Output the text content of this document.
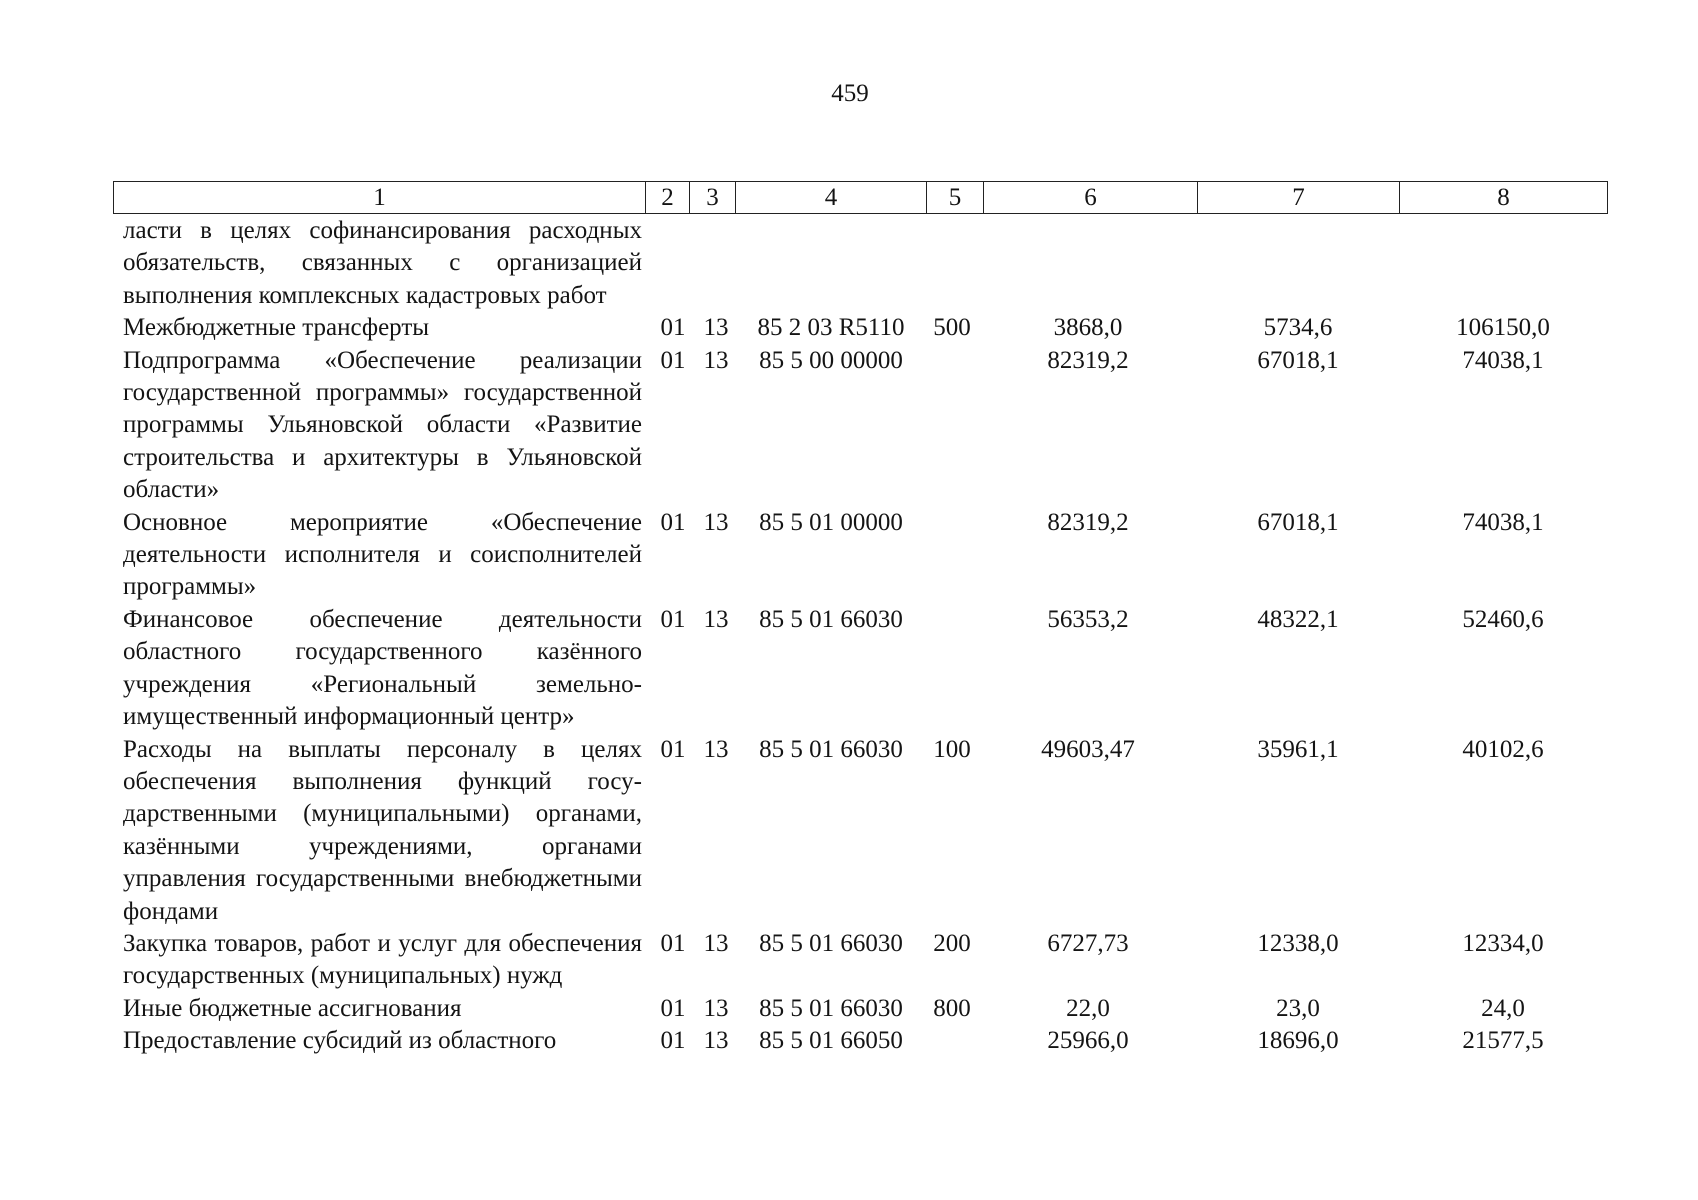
459
1	2	3	4	5	6	7	8
ласти в целях софинансирования расходных обязательств, связанных с организацией выполнения комплексных кадастровых работ							
Межбюджетные трансферты	01	13	85 2 03 R5110	500	3868,0	5734,6	106150,0
Подпрограмма «Обеспечение реализации государственной программы» государственной программы Ульяновской области «Развитие строительства и архитектуры в Ульяновской области»	01	13	85 5 00 00000		82319,2	67018,1	74038,1
Основное мероприятие «Обеспечение деятельности исполнителя и соисполнителей программы»	01	13	85 5 01 00000		82319,2	67018,1	74038,1
Финансовое обеспечение деятельности областного государственного казённого учреждения «Региональный земельно-имущественный информационный центр»	01	13	85 5 01 66030		56353,2	48322,1	52460,6
Расходы на выплаты персоналу в целях обеспечения выполнения функций государственными (муниципальными) органами, казёнными учреждениями, органами управления государственными внебюджетными фондами	01	13	85 5 01 66030	100	49603,47	35961,1	40102,6
Закупка товаров, работ и услуг для обеспечения государственных (муниципальных) нужд	01	13	85 5 01 66030	200	6727,73	12338,0	12334,0
Иные бюджетные ассигнования	01	13	85 5 01 66030	800	22,0	23,0	24,0
Предоставление субсидий из областного	01	13	85 5 01 66050		25966,0	18696,0	21577,5
